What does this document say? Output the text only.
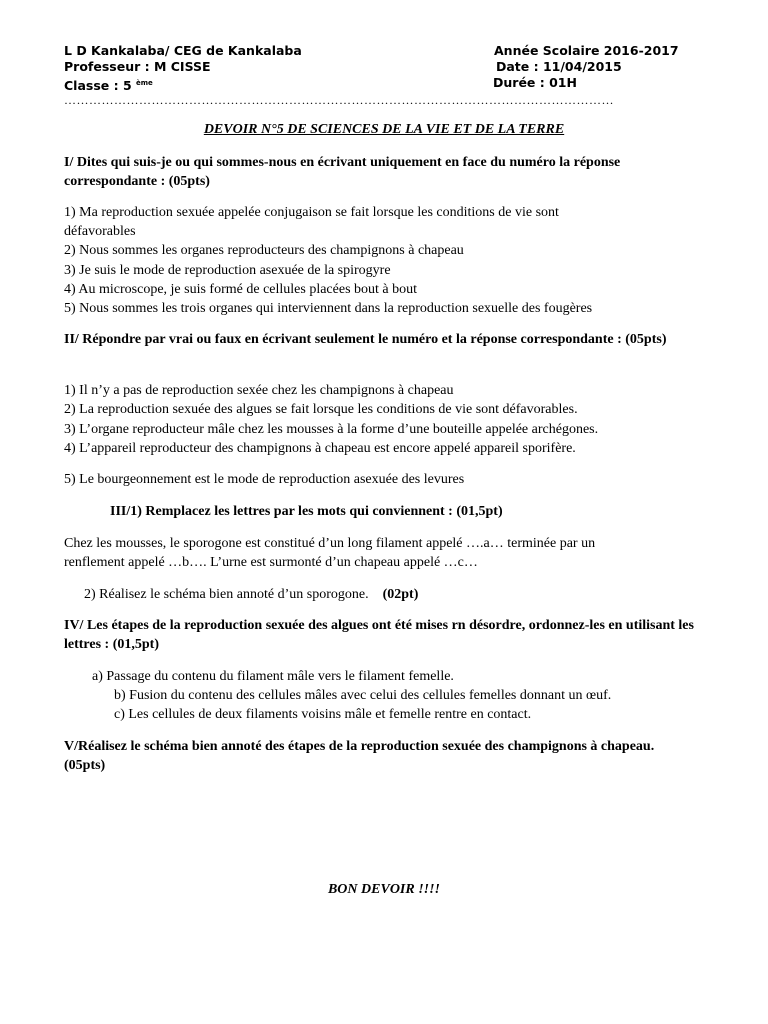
L D Kankalaba/ CEG de Kankalaba
Professeur : M CISSE
Classe : 5 $^{ème}$
Année Scolaire 2016-2017
Date : 11/04/2015
Durée : 01H
……………………………………………………………………………………………………………………
DEVOIR N°5 DE SCIENCES DE LA VIE ET DE LA TERRE
I/ Dites qui suis-je ou qui sommes-nous en écrivant uniquement en face du numéro la réponse correspondante : (05pts)
1) Ma reproduction sexuée appelée conjugaison se fait lorsque les conditions de vie sont
défavorables
2) Nous sommes les organes reproducteurs des champignons à chapeau
3) Je suis le mode de reproduction asexuée de la spirogyre
4) Au microscope, je suis formé de cellules placées bout à bout
5) Nous sommes les trois organes qui interviennent dans la reproduction sexuelle des fougères
II/ Répondre par vrai ou faux en écrivant seulement le numéro et la réponse correspondante : (05pts)
1) Il n’y a pas de reproduction sexée chez les champignons à chapeau
2) La reproduction sexuée des algues se fait lorsque les conditions de vie sont défavorables.
3) L’organe reproducteur mâle chez les mousses à la forme d’une bouteille appelée archégones.
4) L’appareil reproducteur des champignons à chapeau est encore appelé appareil sporifère.
5) Le bourgeonnement est le mode de reproduction asexuée des levures
III/1) Remplacez les lettres par les mots qui conviennent : (01,5pt)
Chez les mousses, le sporogone est constitué d’un long filament appelé ….a… terminée par un
renflement appelé …b…. L’urne est surmonté d’un chapeau appelé …c…
2) Réalisez le schéma bien annoté d’un sporogone. (02pt)
IV/ Les étapes de la reproduction sexuée des algues ont été mises rn désordre, ordonnez-les en utilisant les lettres : (01,5pt)
a) Passage du contenu du filament mâle vers le filament femelle.
b) Fusion du contenu des cellules mâles avec celui des cellules femelles donnant un œuf.
c) Les cellules de deux filaments voisins mâle et femelle rentre en contact.
V/Réalisez le schéma bien annoté des étapes de la reproduction sexuée des champignons à chapeau. (05pts)
BON DEVOIR !!!!
